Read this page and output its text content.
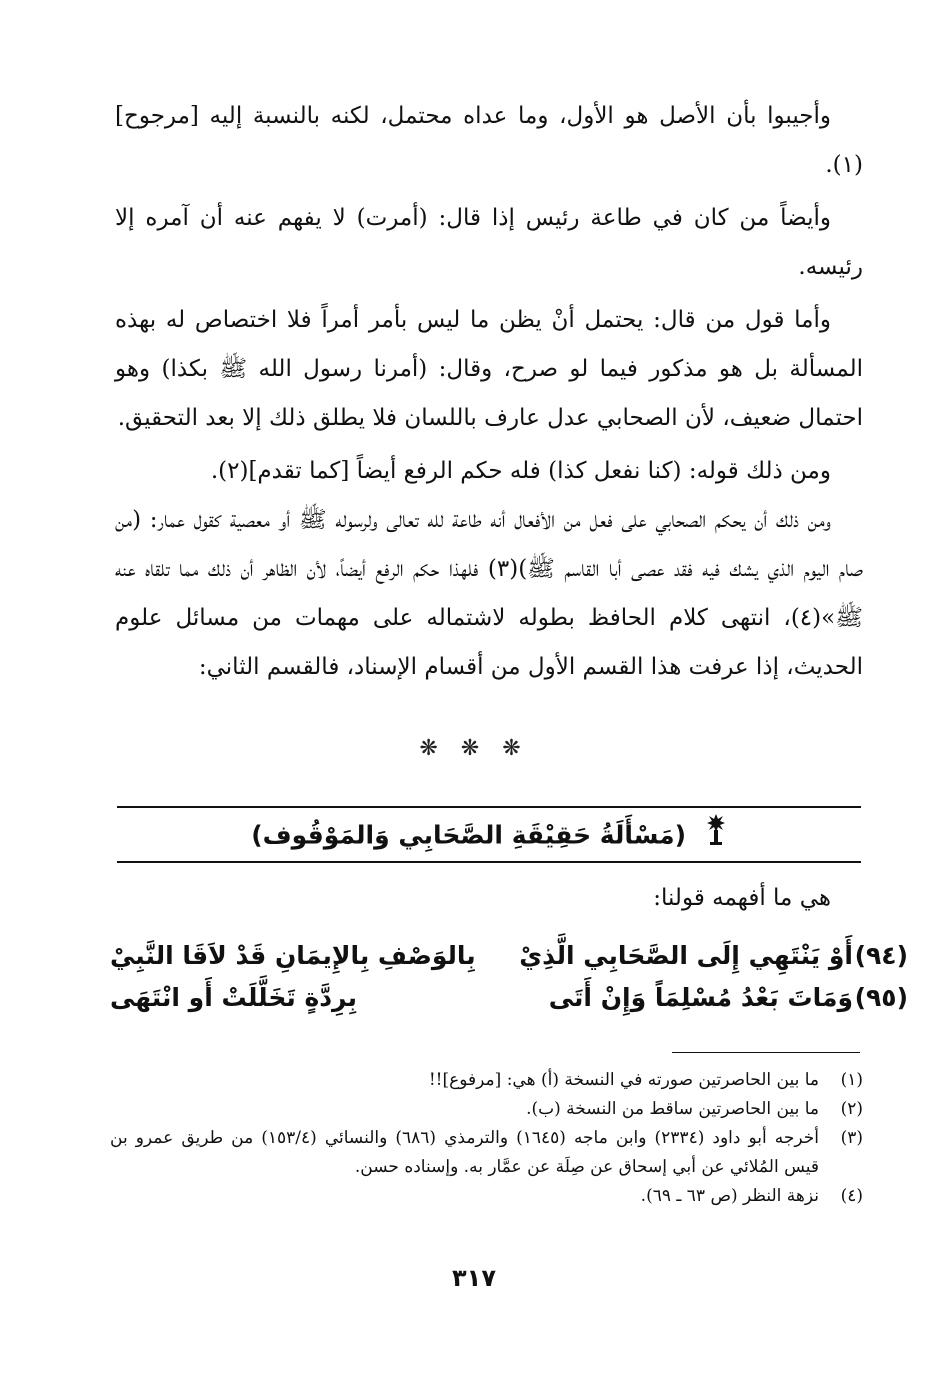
وأجيبوا بأن الأصل هو الأول، وما عداه محتمل، لكنه بالنسبة إليه [مرجوح](١).

وأيضاً من كان في طاعة رئيس إذا قال: (أمرت) لا يفهم عنه أن آمره إلا رئيسه.

وأما قول من قال: يحتمل أنْ يظن ما ليس بأمر أمراً فلا اختصاص له بهذه المسألة بل هو مذكور فيما لو صرح، وقال: (أمرنا رسول الله ﷺ بكذا) وهو احتمال ضعيف، لأن الصحابي عدل عارف باللسان فلا يطلق ذلك إلا بعد التحقيق.

ومن ذلك قوله: (كنا نفعل كذا) فله حكم الرفع أيضاً [كما تقدم](٢).

ومن ذلك أن يحكم الصحابي على فعل من الأفعال أنه طاعة لله تعالى ولرسوله ﷺ أو معصية كقول عمار: (من صام اليوم الذي يشك فيه فقد عصى أبا القاسم ﷺ)(٣) فلهذا حكم الرفع أيضاً، لأن الظاهر أن ذلك مما تلقاه عنه ﷺ»(٤)، انتهى كلام الحافظ بطوله لاشتماله على مهمات من مسائل علوم الحديث، إذا عرفت هذا القسم الأول من أقسام الإسناد، فالقسم الثاني:

❋ ❋ ❋
(مَسْأَلَةُ حَقِيْقَةِ الصَّحَابِي وَالمَوْقُوف)
هي ما أفهمه قولنا:
(٩٤)
أَوْ يَنْتَهِي إِلَى الصَّحَابِي الَّذِيْ
بِالوَصْفِ بِالإِيمَانِ قَدْ لاَقَا النَّبِيْ
(٩٥)
وَمَاتَ بَعْدُ مُسْلِمَاً وَإِنْ أَتَى
بِرِدَّةٍ تَخَلَّلَتْ أَو انْتَهَى
(١)
ما بين الحاصرتين صورته في النسخة (أ) هي: [مرفوع]!!
(٢)
ما بين الحاصرتين ساقط من النسخة (ب).
(٣)
أخرجه أبو داود (٢٣٣٤) وابن ماجه (١٦٤٥) والترمذي (٦٨٦) والنسائي (١٥٣/٤) من طريق عمرو بن قيس المُلائي عن أبي إسحاق عن صِلَة عن عمَّار به. وإسناده حسن.
(٤)
نزهة النظر (ص ٦٣ ـ ٦٩).
٣١٧
